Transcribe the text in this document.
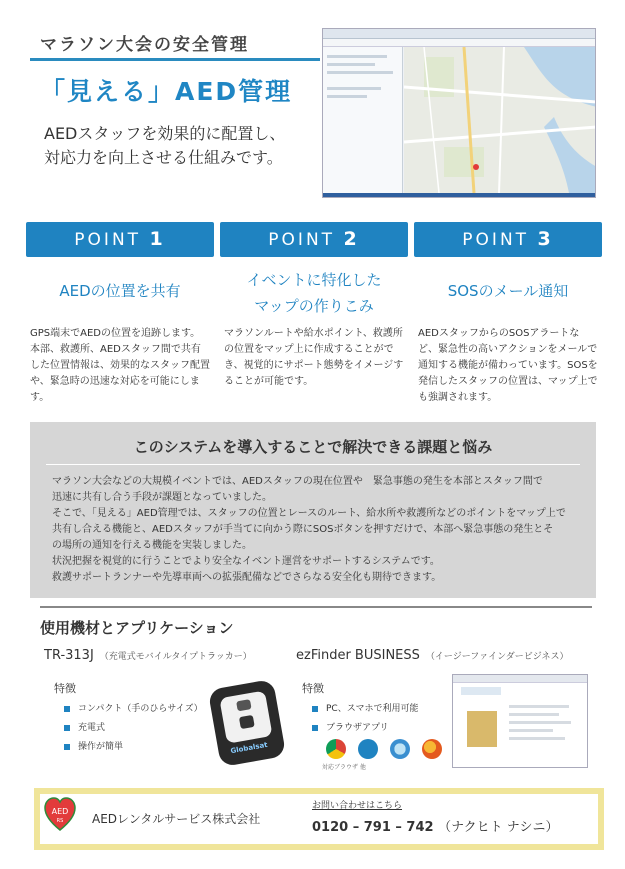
マラソン大会の安全管理
「見える」AED管理
AEDスタッフを効果的に配置し、
対応力を向上させる仕組みです。
POINT 1	POINT 2	POINT 3
AEDの位置を共有
イベントに特化した
マップの作りこみ
SOSのメール通知
GPS端末でAEDの位置を追跡します。本部、救護所、AEDスタッフ間で共有した位置情報は、効果的なスタッフ配置や、緊急時の迅速な対応を可能にします。
マラソンルートや給水ポイント、救護所の位置をマップ上に作成することができ、視覚的にサポート態勢をイメージすることが可能です。
AEDスタッフからのSOSアラートなど、緊急性の高いアクションをメールで通知する機能が備わっています。SOSを発信したスタッフの位置は、マップ上でも強調されます。
このシステムを導入することで解決できる課題と悩み
マラソン大会などの大規模イベントでは、AEDスタッフの現在位置や　緊急事態の発生を本部とスタッフ間で
迅速に共有し合う手段が課題となっていました。
そこで、「見える」AED管理では、スタッフの位置とレースのルート、給水所や救護所などのポイントをマップ上で
共有し合える機能と、AEDスタッフが手当てに向かう際にSOSボタンを押すだけで、本部へ緊急事態の発生とそ
の場所の通知を行える機能を実装しました。
状況把握を視覚的に行うことでより安全なイベント運営をサポートするシステムです。
救護サポートランナーや先導車両への拡張配備などでさらなる安全化も期待できます。
使用機材とアプリケーション
TR-313J （充電式モバイルタイプトラッカー）
特徴
コンパクト（手のひらサイズ）
充電式
操作が簡単	Globalsat
ezFinder BUSINESS （イージーファインダービジネス）
特徴
PC、スマホで利用可能
ブラウザアプリ

対応ブラウザ 他
AED
RS AEDレンタルサービス株式会社
お問い合わせはこちら
0120 – 791 – 742 （ナクヒト ナシニ）
